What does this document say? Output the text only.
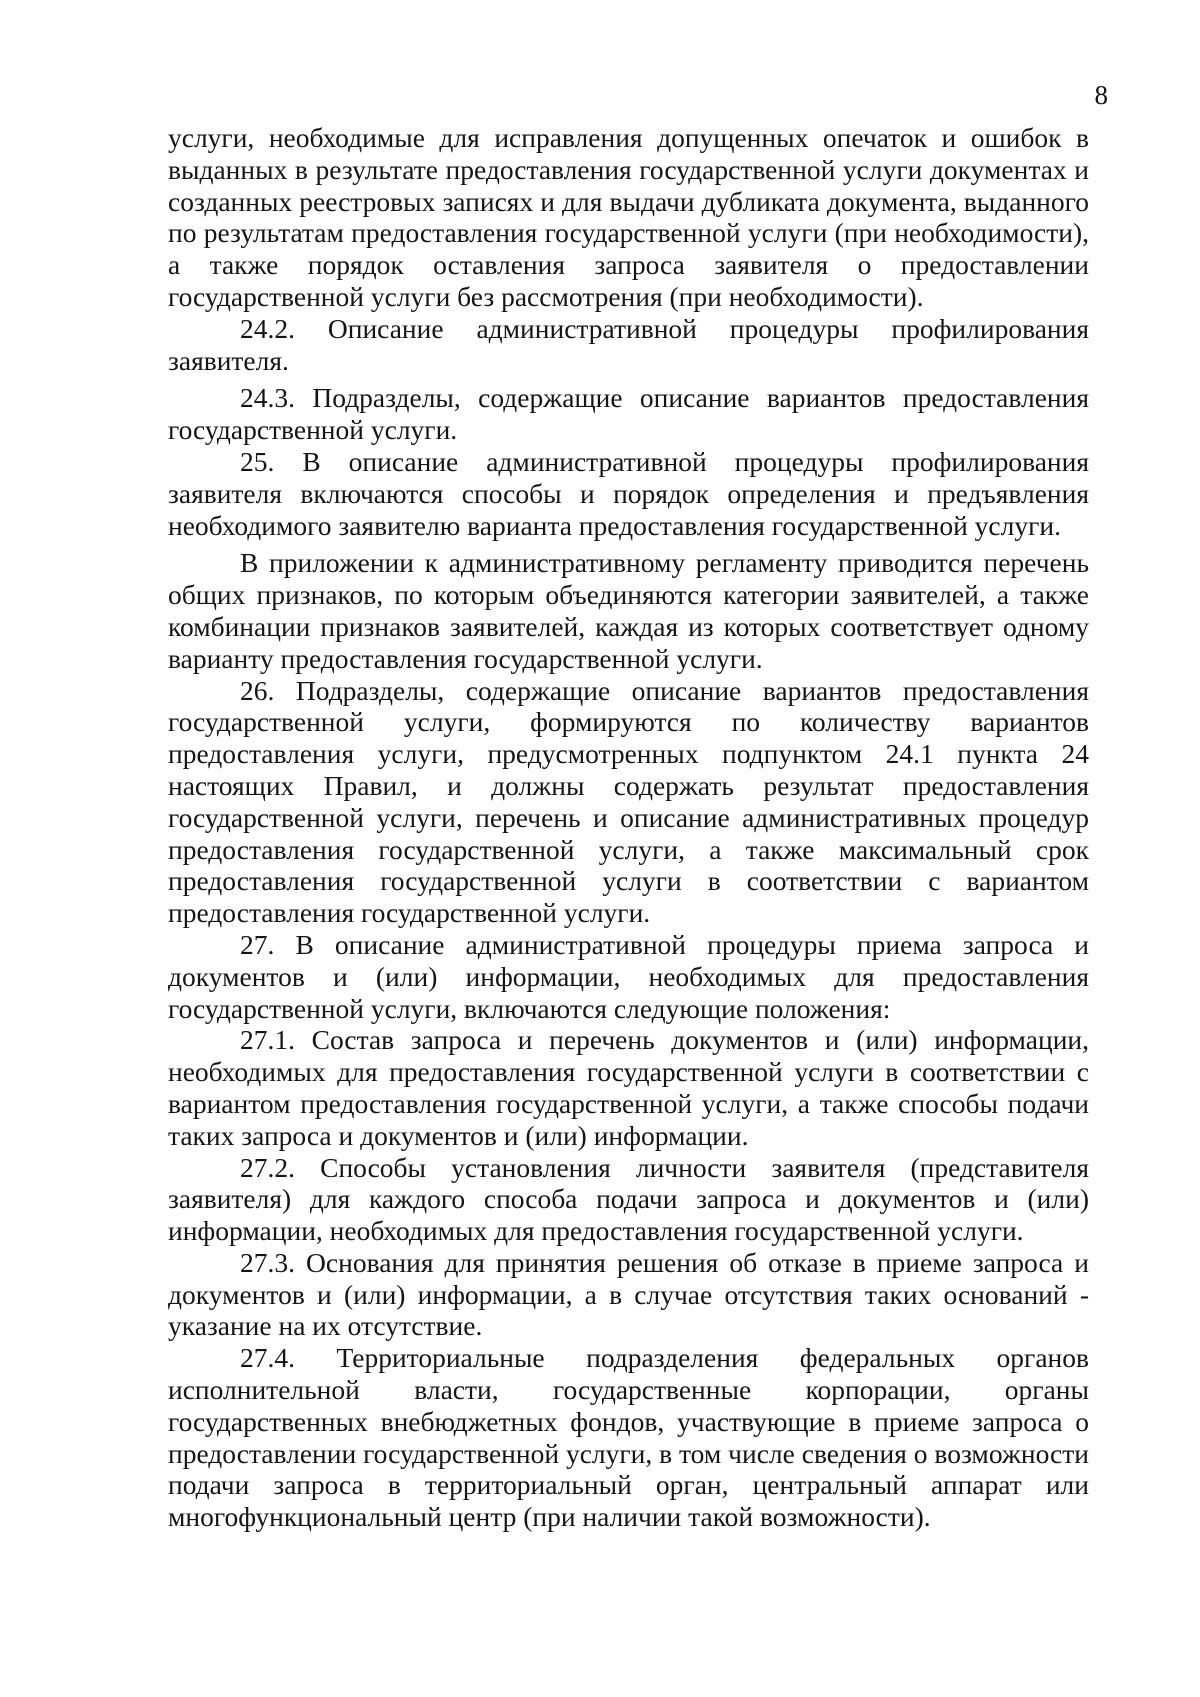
8

услуги, необходимые для исправления допущенных опечаток и ошибок в выданных в результате предоставления государственной услуги документах и созданных реестровых записях и для выдачи дубликата документа, выданного по результатам предоставления государственной услуги (при необходимости), а также порядок оставления запроса заявителя о предоставлении государственной услуги без рассмотрения (при необходимости).

24.2. Описание административной процедуры профилирования заявителя.

24.3. Подразделы, содержащие описание вариантов предоставления государственной услуги.

25. В описание административной процедуры профилирования заявителя включаются способы и порядок определения и предъявления необходимого заявителю варианта предоставления государственной услуги.

В приложении к административному регламенту приводится перечень общих признаков, по которым объединяются категории заявителей, а также комбинации признаков заявителей, каждая из которых соответствует одному варианту предоставления государственной услуги.

26. Подразделы, содержащие описание вариантов предоставления государственной услуги, формируются по количеству вариантов предоставления услуги, предусмотренных подпунктом 24.1 пункта 24 настоящих Правил, и должны содержать результат предоставления государственной услуги, перечень и описание административных процедур предоставления государственной услуги, а также максимальный срок предоставления государственной услуги в соответствии с вариантом предоставления государственной услуги.

27. В описание административной процедуры приема запроса и документов и (или) информации, необходимых для предоставления государственной услуги, включаются следующие положения:

27.1. Состав запроса и перечень документов и (или) информации, необходимых для предоставления государственной услуги в соответствии с вариантом предоставления государственной услуги, а также способы подачи таких запроса и документов и (или) информации.

27.2. Способы установления личности заявителя (представителя заявителя) для каждого способа подачи запроса и документов и (или) информации, необходимых для предоставления государственной услуги.

27.3. Основания для принятия решения об отказе в приеме запроса и документов и (или) информации, а в случае отсутствия таких оснований - указание на их отсутствие.

27.4. Территориальные подразделения федеральных органов исполнительной власти, государственные корпорации, органы государственных внебюджетных фондов, участвующие в приеме запроса о предоставлении государственной услуги, в том числе сведения о возможности подачи запроса в территориальный орган, центральный аппарат или многофункциональный центр (при наличии такой возможности).
